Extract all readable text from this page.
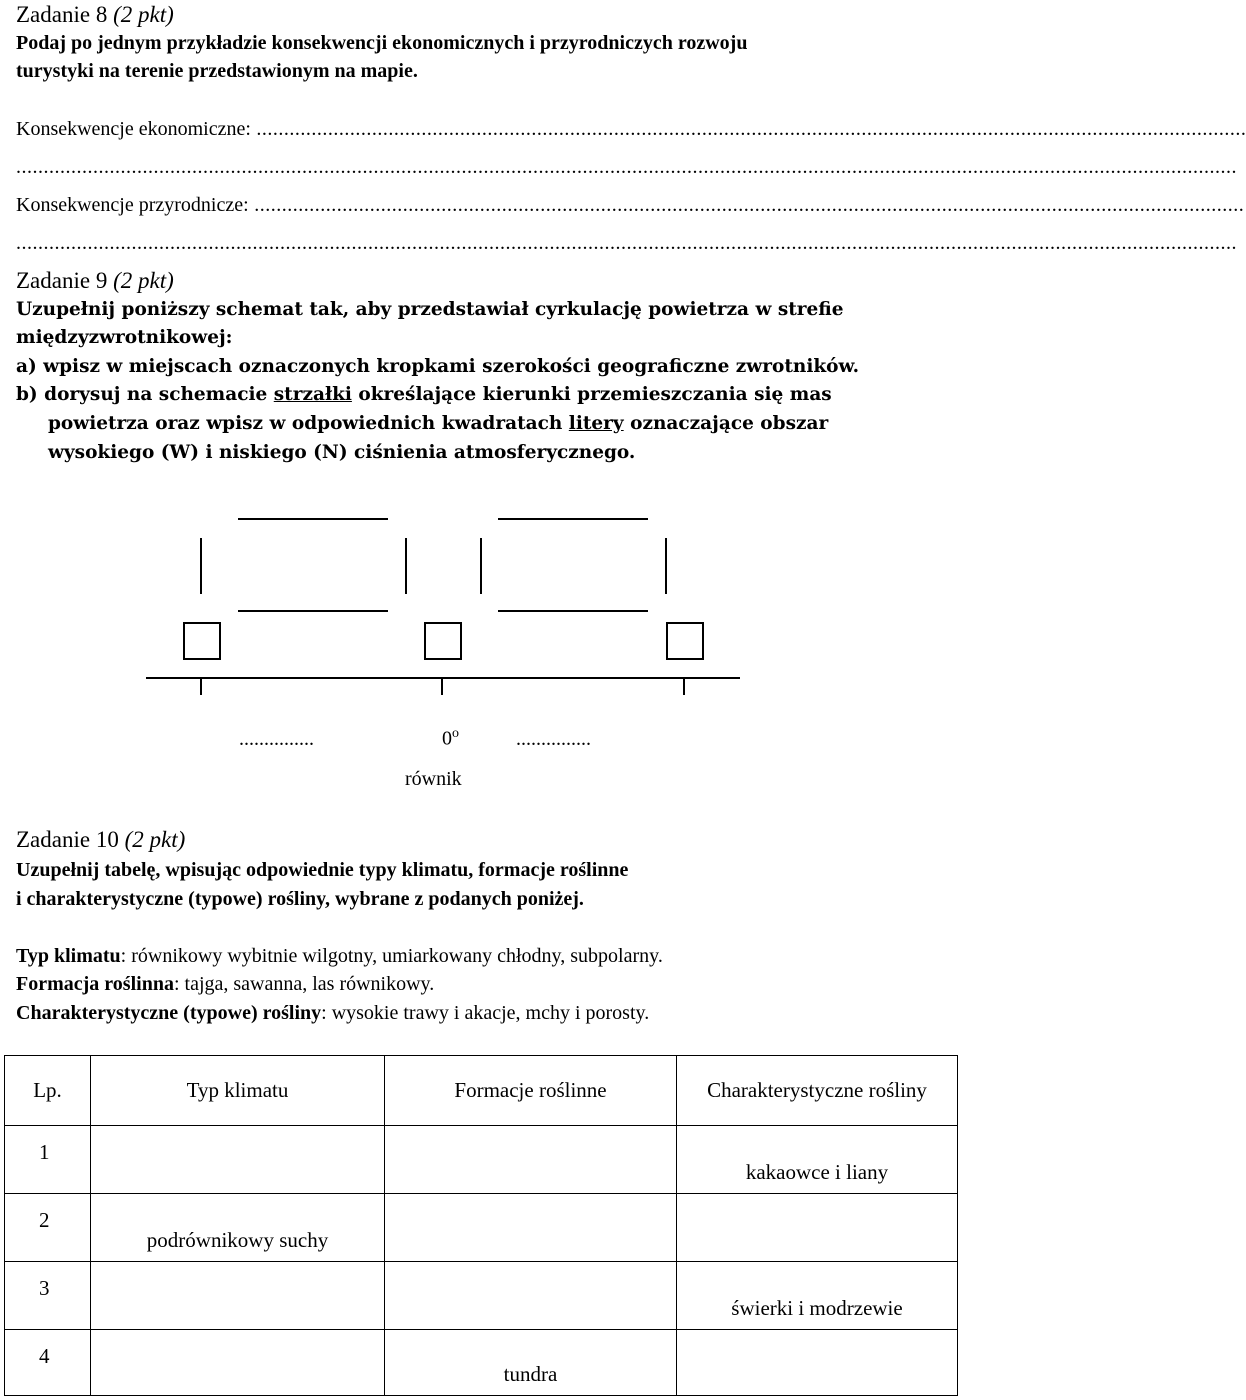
Zadanie 8 (2 pkt)
Podaj po jednym przykładzie konsekwencji ekonomicznych i przyrodniczych rozwoju
turystyki na terenie przedstawionym na mapie.
Konsekwencje ekonomiczne: ....................................................................................................................................................................................
..............................................................................................................................................................................................................................
Konsekwencje przyrodnicze: ....................................................................................................................................................................................
..............................................................................................................................................................................................................................
Zadanie 9 (2 pkt)
Uzupełnij poniższy schemat tak, aby przedstawiał cyrkulację powietrza w strefie
międzyzwrotnikowej:
a) wpisz w miejscach oznaczonych kropkami szerokości geograficzne zwrotników.
b) dorysuj na schemacie strzałki określające kierunki przemieszczania się mas
powietrza oraz wpisz w odpowiednich kwadratach litery oznaczające obszar
wysokiego (W) i niskiego (N) ciśnienia atmosferycznego.
...............	0$^o$	...............
równik
Zadanie 10 (2 pkt)
Uzupełnij tabelę, wpisując odpowiednie typy klimatu, formacje roślinne
i charakterystyczne (typowe) rośliny, wybrane z podanych poniżej.
Typ klimatu: równikowy wybitnie wilgotny, umiarkowany chłodny, subpolarny.
Formacja roślinna: tajga, sawanna, las równikowy.
Charakterystyczne (typowe) rośliny: wysokie trawy i akacje, mchy i porosty.
Lp.	Typ klimatu	Formacje roślinne	Charakterystyczne rośliny
1			kakaowce i liany
2	podrównikowy suchy		
3			świerki i modrzewie
4		tundra	
